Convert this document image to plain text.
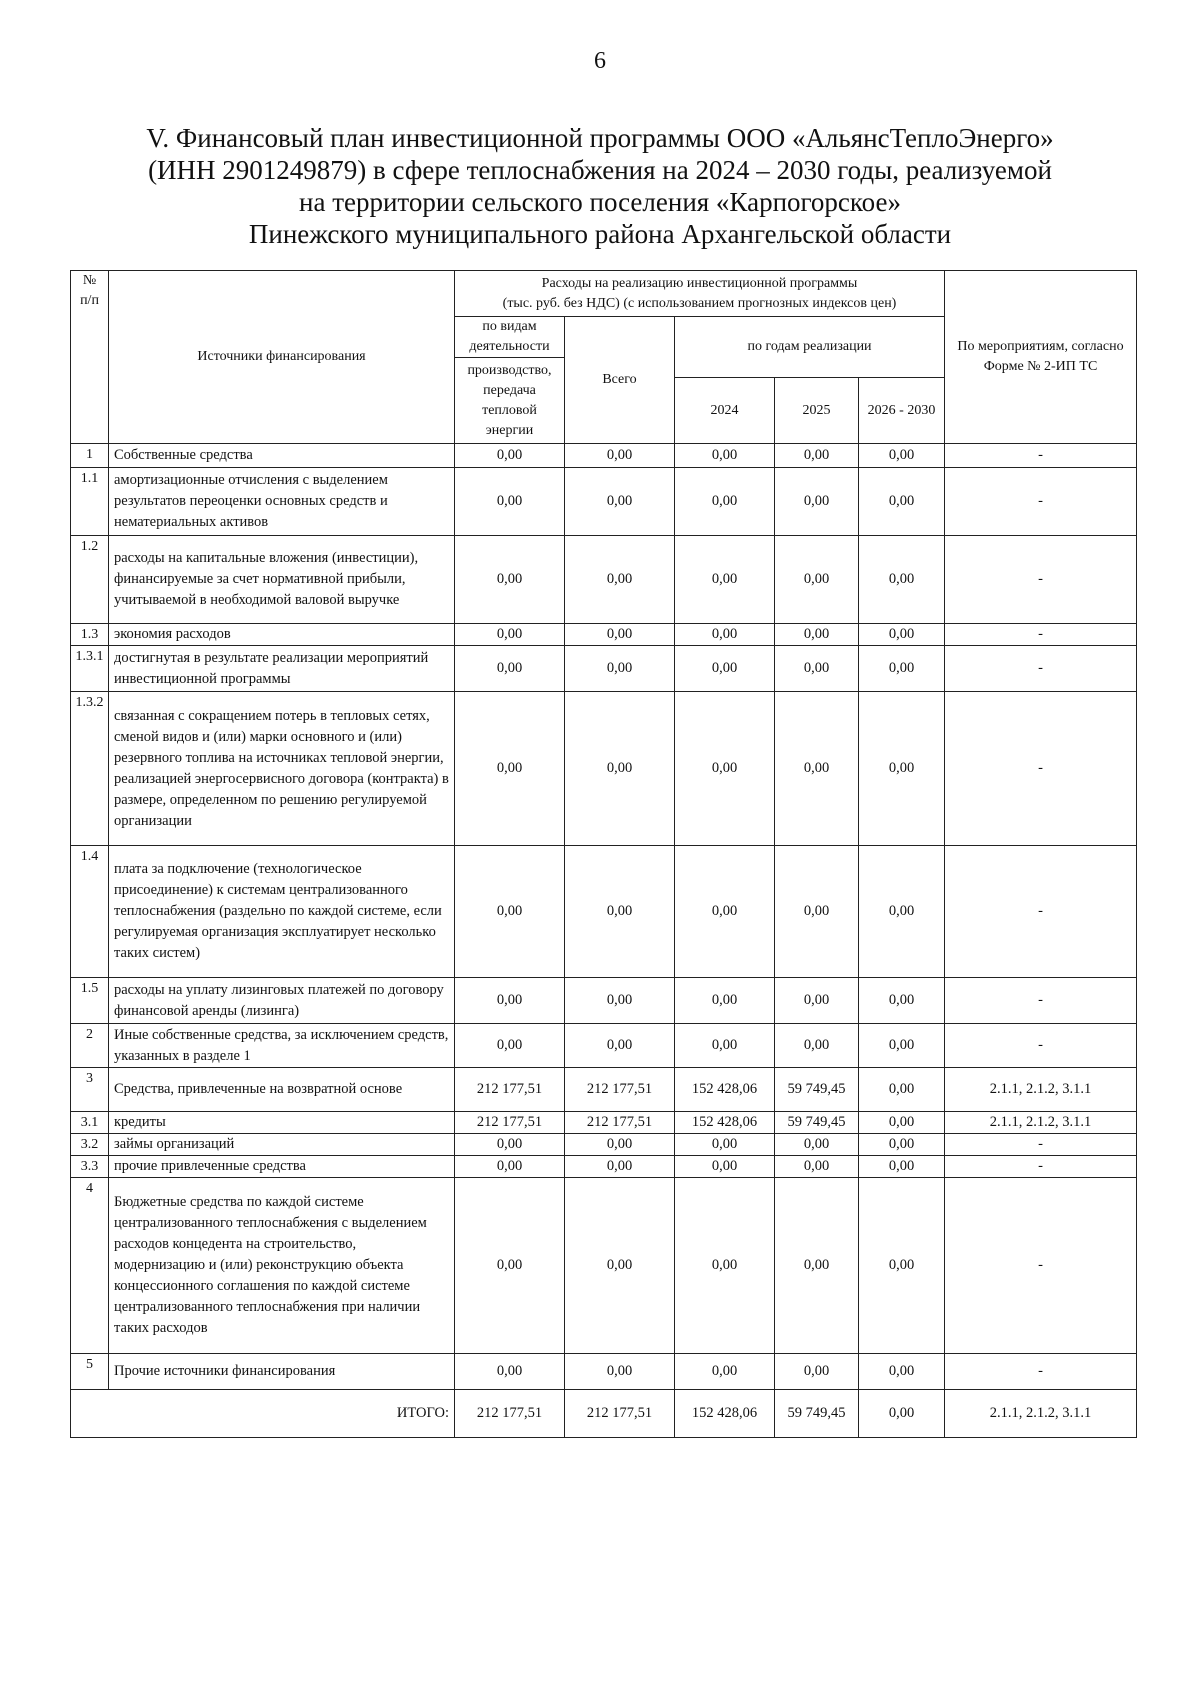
6
V. Финансовый план инвестиционной программы ООО «АльянсТеплоЭнерго»
(ИНН 2901249879) в сфере теплоснабжения на 2024 – 2030 годы, реализуемой
на территории сельского поселения «Карпогорское»
Пинежского муниципального района Архангельской области
№ п/п	Источники финансирования	Расходы на реализацию инвестиционной программы
(тыс. руб. без НДС) (с использованием прогнозных индексов цен)					По мероприятиям, согласно Форме № 2-ИП ТС
		по видам деятельности	Всего	по годам реализации			
		производство, передача тепловой энергии					
				2024	2025	2026 - 2030	
1	Собственные средства	0,00	0,00	0,00	0,00	0,00	-
1.1	амортизационные отчисления с выделением результатов переоценки основных средств и нематериальных активов	0,00	0,00	0,00	0,00	0,00	-
1.2	расходы на капитальные вложения (инвестиции), финансируемые за счет нормативной прибыли, учитываемой в необходимой валовой выручке	0,00	0,00	0,00	0,00	0,00	-
1.3	экономия расходов	0,00	0,00	0,00	0,00	0,00	-
1.3.1	достигнутая в результате реализации мероприятий инвестиционной программы	0,00	0,00	0,00	0,00	0,00	-
1.3.2	связанная с сокращением потерь в тепловых сетях, сменой видов и (или) марки основного и (или) резервного топлива на источниках тепловой энергии, реализацией энергосервисного договора (контракта) в размере, определенном по решению регулируемой организации	0,00	0,00	0,00	0,00	0,00	-
1.4	плата за подключение (технологическое присоединение) к системам централизованного теплоснабжения (раздельно по каждой системе, если регулируемая организация эксплуатирует несколько таких систем)	0,00	0,00	0,00	0,00	0,00	-
1.5	расходы на уплату лизинговых платежей по договору финансовой аренды (лизинга)	0,00	0,00	0,00	0,00	0,00	-
2	Иные собственные средства, за исключением средств, указанных в разделе 1	0,00	0,00	0,00	0,00	0,00	-
3	Средства, привлеченные на возвратной основе	212 177,51	212 177,51	152 428,06	59 749,45	0,00	2.1.1, 2.1.2, 3.1.1
3.1	кредиты	212 177,51	212 177,51	152 428,06	59 749,45	0,00	2.1.1, 2.1.2, 3.1.1
3.2	займы организаций	0,00	0,00	0,00	0,00	0,00	-
3.3	прочие привлеченные средства	0,00	0,00	0,00	0,00	0,00	-
4	Бюджетные средства по каждой системе централизованного теплоснабжения с выделением расходов концедента на строительство, модернизацию и (или) реконструкцию объекта концессионного соглашения по каждой системе централизованного теплоснабжения при наличии таких расходов	0,00	0,00	0,00	0,00	0,00	-
5	Прочие источники финансирования	0,00	0,00	0,00	0,00	0,00	-
ИТОГО:		212 177,51	212 177,51	152 428,06	59 749,45	0,00	2.1.1, 2.1.2, 3.1.1
